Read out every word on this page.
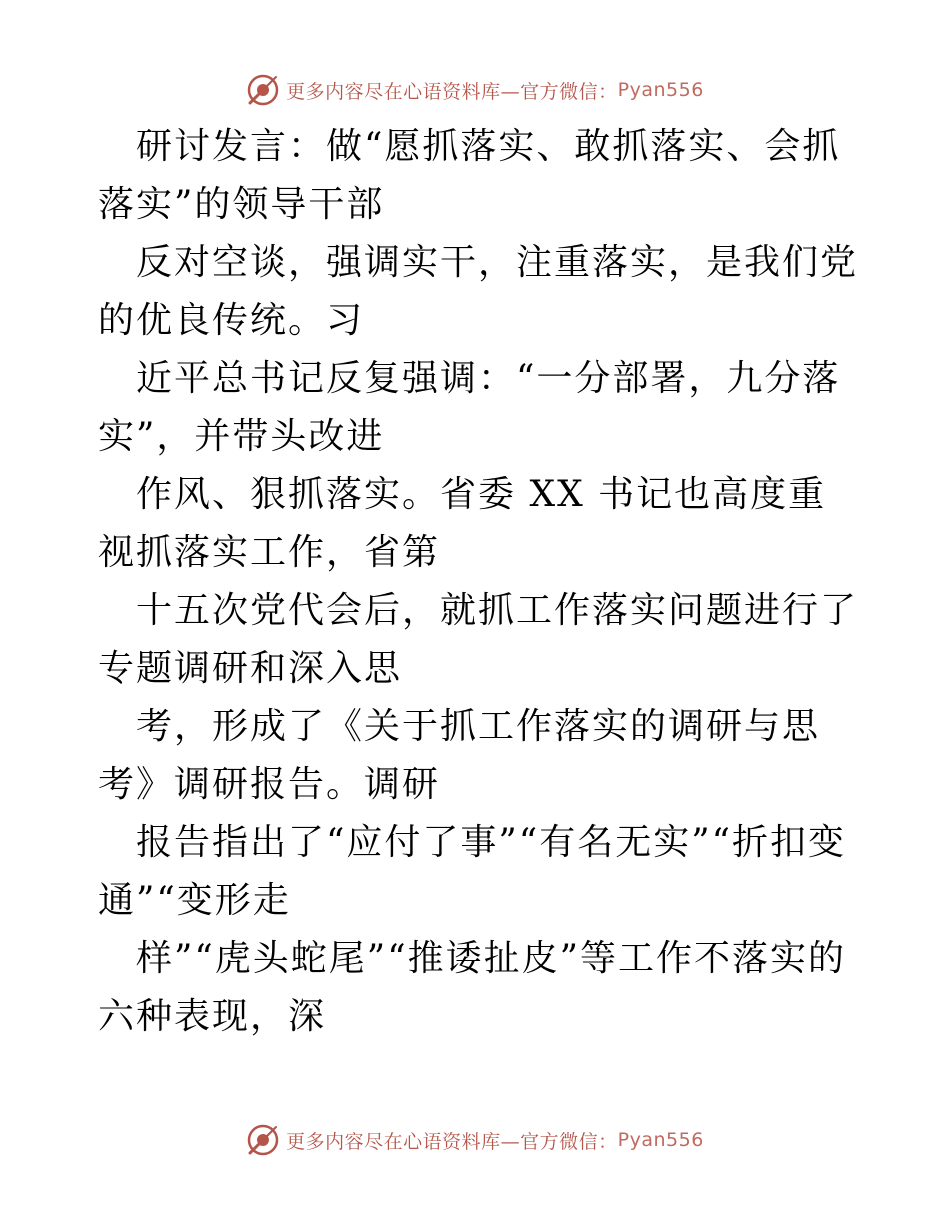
更多内容尽在心语资料库—官方微信： Pyan556

研讨发言：做“愿抓落实、敢抓落实、会抓落实”的领导干部

反对空谈，强调实干，注重落实，是我们党的优良传统。习

近平总书记反复强调：“一分部署，九分落实”，并带头改进

作风、狠抓落实。省委 XX 书记也高度重视抓落实工作，省第

十五次党代会后，就抓工作落实问题进行了专题调研和深入思

考，形成了《关于抓工作落实的调研与思考》调研报告。调研

报告指出了“应付了事”“有名无实”“折扣变通”“变形走

样”“虎头蛇尾”“推诿扯皮”等工作不落实的六种表现，深

更多内容尽在心语资料库—官方微信： Pyan556
